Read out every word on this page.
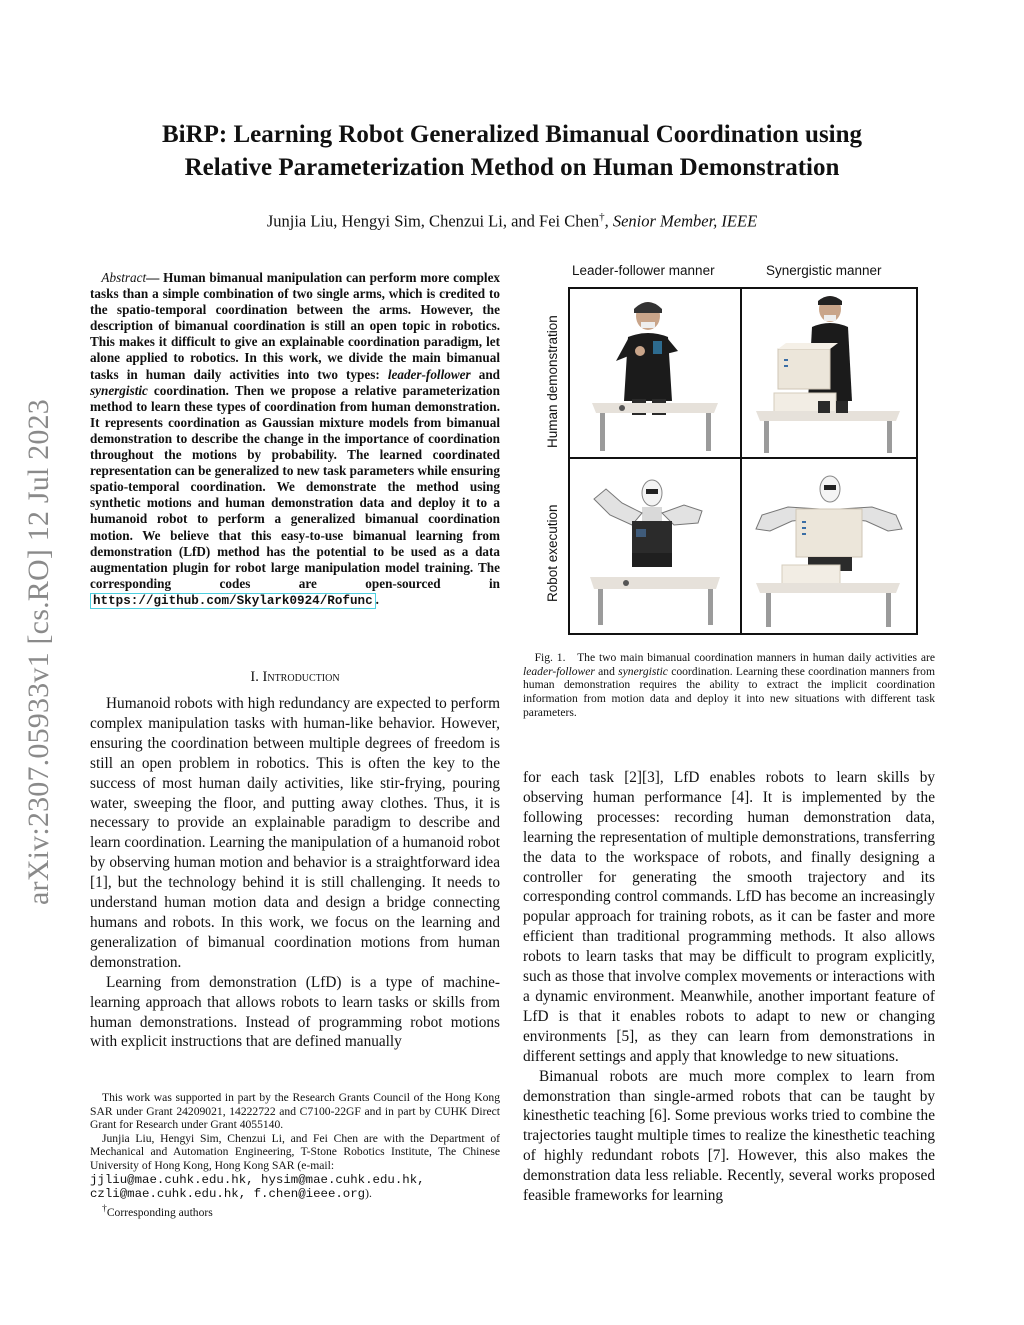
arXiv:2307.05933v1 [cs.RO] 12 Jul 2023
BiRP: Learning Robot Generalized Bimanual Coordination using
Relative Parameterization Method on Human Demonstration
Junjia Liu, Hengyi Sim, Chenzui Li, and Fei Chen†, Senior Member, IEEE
Abstract— Human bimanual manipulation can perform more complex tasks than a simple combination of two single arms, which is credited to the spatio-temporal coordination between the arms. However, the description of bimanual coordination is still an open topic in robotics. This makes it difficult to give an explainable coordination paradigm, let alone applied to robotics. In this work, we divide the main bimanual tasks in human daily activities into two types: leader-follower and synergistic coordination. Then we propose a relative parameterization method to learn these types of coordination from human demonstration. It represents coordination as Gaussian mixture models from bimanual demonstration to describe the change in the importance of coordination throughout the motions by probability. The learned coordinated representation can be generalized to new task parameters while ensuring spatio-temporal coordination. We demonstrate the method using synthetic motions and human demonstration data and deploy it to a humanoid robot to perform a generalized bimanual coordination motion. We believe that this easy-to-use bimanual learning from demonstration (LfD) method has the potential to be used as a data augmentation plugin for robot large manipulation model training. The corresponding codes are open-sourced in https://github.com/Skylark0924/Rofunc .
I. Introduction

Humanoid robots with high redundancy are expected to perform complex manipulation tasks with human-like behavior. However, ensuring the coordination between multiple degrees of freedom is still an open problem in robotics. This is often the key to the success of most human daily activities, like stir-frying, pouring water, sweeping the floor, and putting away clothes. Thus, it is necessary to provide an explainable paradigm to describe and learn coordination. Learning the manipulation of a humanoid robot by observing human motion and behavior is a straightforward idea [1], but the technology behind it is still challenging. It needs to understand human motion data and design a bridge connecting humans and robots. In this work, we focus on the learning and generalization of bimanual coordination motions from human demonstration.

Learning from demonstration (LfD) is a type of machine-learning approach that allows robots to learn tasks or skills from human demonstrations. Instead of programming robot motions with explicit instructions that are defined manually

This work was supported in part by the Research Grants Council of the Hong Kong SAR under Grant 24209021, 14222722 and C7100-22GF and in part by CUHK Direct Grant for Research under Grant 4055140.

Junjia Liu, Hengyi Sim, Chenzui Li, and Fei Chen are with the Department of Mechanical and Automation Engineering, T-Stone Robotics Institute, The Chinese University of Hong Kong, Hong Kong SAR (e-mail:
jjliu@mae.cuhk.edu.hk, hysim@mae.cuhk.edu.hk,
czli@mae.cuhk.edu.hk, f.chen@ieee.org).

†Corresponding authors

Leader-follower manner	Synergistic manner
Human demonstration
Robot execution
Fig. 1. The two main bimanual coordination manners in human daily activities are leader-follower and synergistic coordination. Learning these coordination manners from human demonstration requires the ability to extract the implicit coordination information from motion data and deploy it into new situations with different task parameters.

for each task [2][3], LfD enables robots to learn skills by observing human performance [4]. It is implemented by the following processes: recording human demonstration data, learning the representation of multiple demonstrations, transferring the data to the workspace of robots, and finally designing a controller for generating the smooth trajectory and its corresponding control commands. LfD has become an increasingly popular approach for training robots, as it can be faster and more efficient than traditional programming methods. It also allows robots to learn tasks that may be difficult to program explicitly, such as those that involve complex movements or interactions with a dynamic environment. Meanwhile, another important feature of LfD is that it enables robots to adapt to new or changing environments [5], as they can learn from demonstrations in different settings and apply that knowledge to new situations.

Bimanual robots are much more complex to learn from demonstration than single-armed robots that can be taught by kinesthetic teaching [6]. Some previous works tried to combine the trajectories taught multiple times to realize the kinesthetic teaching of highly redundant robots [7]. However, this also makes the demonstration data less reliable. Recently, several works proposed feasible frameworks for learning
